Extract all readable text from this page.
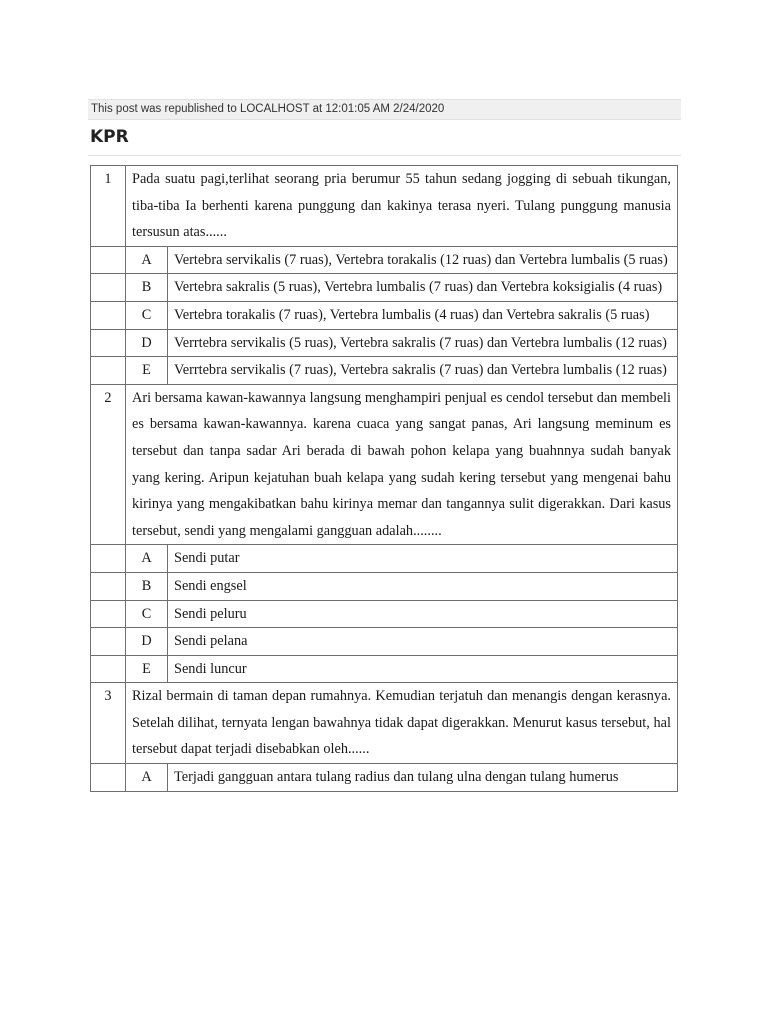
This post was republished to LOCALHOST at 12:01:05 AM 2/24/2020
KPR
1	Pada suatu pagi,terlihat seorang pria berumur 55 tahun sedang jogging di sebuah tikungan, tiba-tiba Ia berhenti karena punggung dan kakinya terasa nyeri. Tulang punggung manusia tersusun atas......	
	A	Vertebra servikalis (7 ruas), Vertebra torakalis (12 ruas) dan Vertebra lumbalis (5 ruas)
	B	Vertebra sakralis (5 ruas), Vertebra lumbalis (7 ruas) dan Vertebra koksigialis (4 ruas)
	C	Vertebra torakalis (7 ruas), Vertebra lumbalis (4 ruas) dan Vertebra sakralis (5 ruas)
	D	Verrtebra servikalis (5 ruas), Vertebra sakralis (7 ruas) dan Vertebra lumbalis (12 ruas)
	E	Verrtebra servikalis (7 ruas), Vertebra sakralis (7 ruas) dan Vertebra lumbalis (12 ruas)
2	Ari bersama kawan-kawannya langsung menghampiri penjual es cendol tersebut dan membeli es bersama kawan-kawannya. karena cuaca yang sangat panas, Ari langsung meminum es tersebut dan tanpa sadar Ari berada di bawah pohon kelapa yang buahnnya sudah banyak yang kering. Aripun kejatuhan buah kelapa yang sudah kering tersebut yang mengenai bahu kirinya yang mengakibatkan bahu kirinya memar dan tangannya sulit digerakkan. Dari kasus tersebut, sendi yang mengalami gangguan adalah........	
	A	Sendi putar
	B	Sendi engsel
	C	Sendi peluru
	D	Sendi pelana
	E	Sendi luncur
3	Rizal bermain di taman depan rumahnya. Kemudian terjatuh dan menangis dengan kerasnya. Setelah dilihat, ternyata lengan bawahnya tidak dapat digerakkan. Menurut kasus tersebut, hal tersebut dapat terjadi disebabkan oleh......	
	A	Terjadi gangguan antara tulang radius dan tulang ulna dengan tulang humerus
